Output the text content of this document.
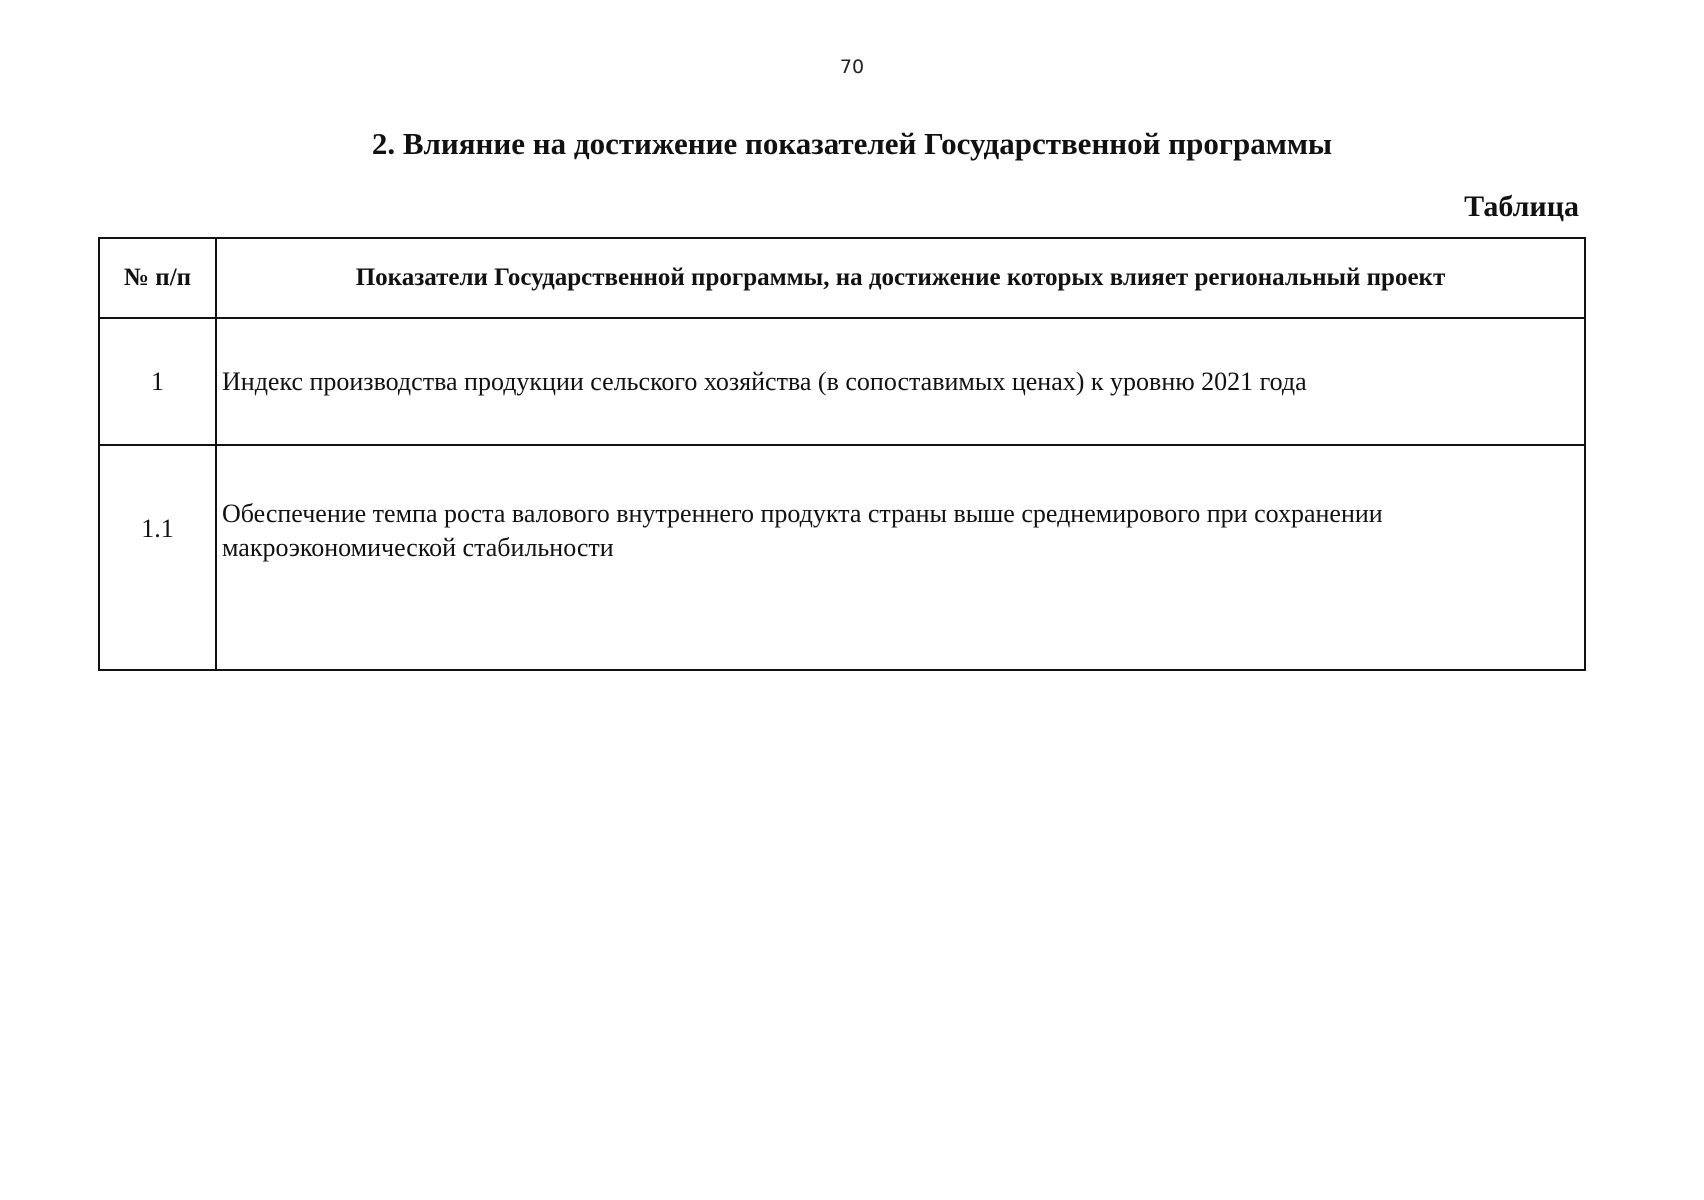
70
2. Влияние на достижение показателей Государственной программы
Таблица
№ п/п	Показатели Государственной программы, на достижение которых влияет региональный проект
1	Индекс производства продукции сельского хозяйства (в сопоставимых ценах) к уровню 2021 года
1.1	Обеспечение темпа роста валового внутреннего продукта страны выше среднемирового при сохранении макроэкономической стабильности
